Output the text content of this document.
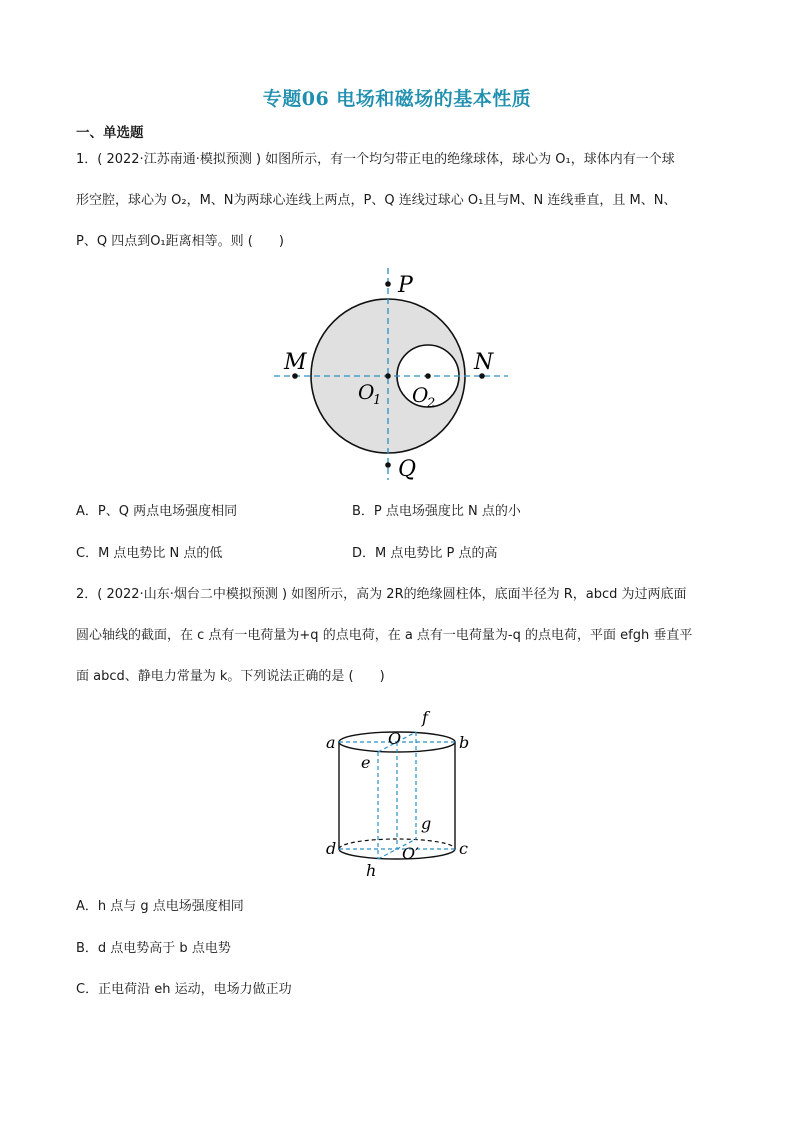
专题06 电场和磁场的基本性质
一、单选题
1．( 2022·江苏南通·模拟预测 ) 如图所示，有一个均匀带正电的绝缘球体，球心为 O₁，球体内有一个球
形空腔，球心为 O₂，M、N为两球心连线上两点，P、Q 连线过球心 O₁且与M、N 连线垂直，且 M、N、
P、Q 四点到O₁距离相等。则 (　　)
P
Q
M	N
O
1 O
2
A．P、Q 两点电场强度相同	B．P 点电场强度比 N 点的小
C．M 点电势比 N 点的低	D．M 点电势比 P 点的高
2．( 2022·山东·烟台二中模拟预测 ) 如图所示，高为 2R的绝缘圆柱体，底面半径为 R，abcd 为过两底面
圆心轴线的截面，在 c 点有一电荷量为+q 的点电荷，在 a 点有一电荷量为-q 的点电荷，平面 efgh 垂直平
面 abcd、静电力常量为 k。下列说法正确的是 (　　)
a	b
d	c
f
e
g
h
O
O′
A．h 点与 g 点电场强度相同
B．d 点电势高于 b 点电势
C．正电荷沿 eh 运动，电场力做正功
